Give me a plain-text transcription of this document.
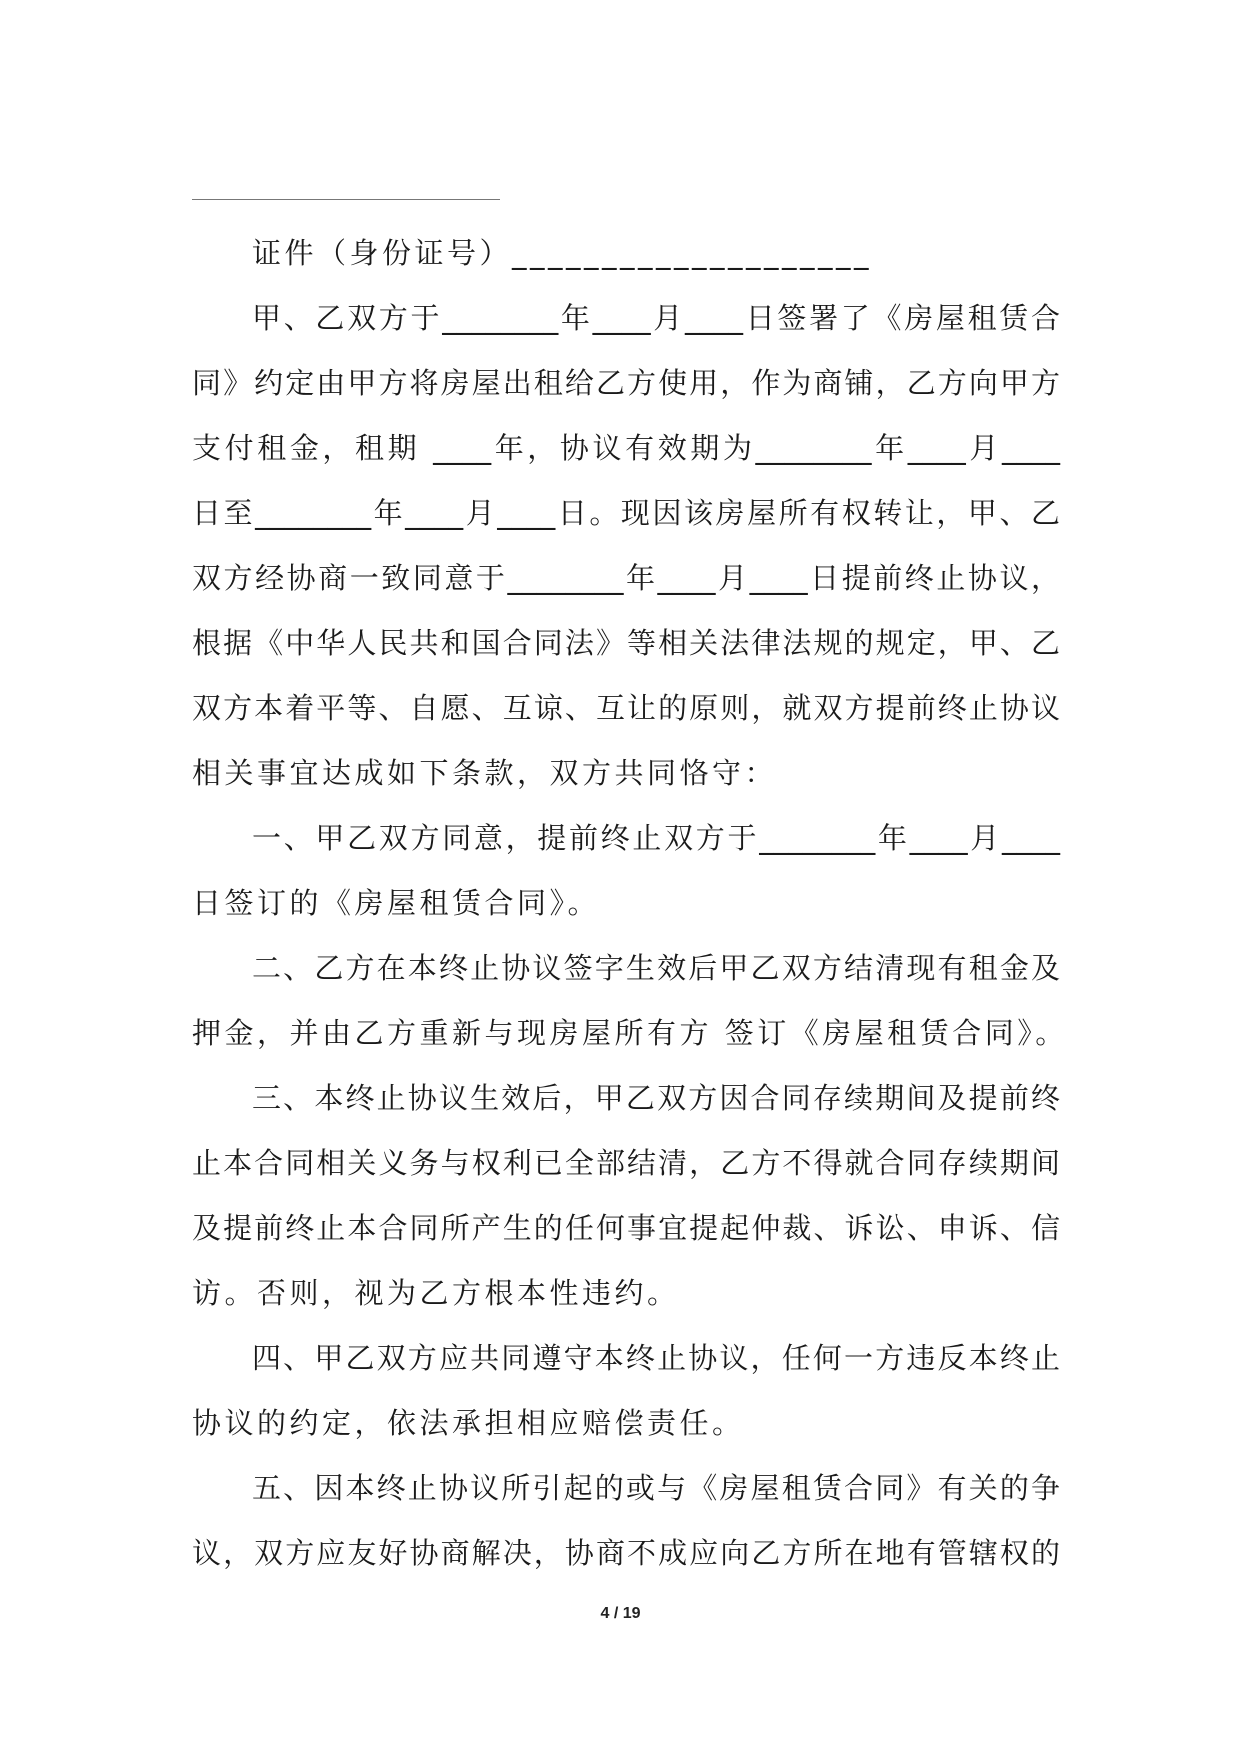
证件（身份证号）____________________
甲、乙双方于________年____月____日签署了《房屋租赁合
同》约定由甲方将房屋出租给乙方使用，作为商铺，乙方向甲方
支付租金，租期 ____年，协议有效期为________年____月____
日至________年____月____日。现因该房屋所有权转让，甲、乙
双方经协商一致同意于________年____月____日提前终止协议，
根据《中华人民共和国合同法》等相关法律法规的规定，甲、乙
双方本着平等、自愿、互谅、互让的原则，就双方提前终止协议
相关事宜达成如下条款，双方共同恪守：
一、甲乙双方同意，提前终止双方于________年____月____
日签订的《房屋租赁合同》。
二、乙方在本终止协议签字生效后甲乙双方结清现有租金及
押金，并由乙方重新与现房屋所有方 签订《房屋租赁合同》。
三、本终止协议生效后，甲乙双方因合同存续期间及提前终
止本合同相关义务与权利已全部结清，乙方不得就合同存续期间
及提前终止本合同所产生的任何事宜提起仲裁、诉讼、申诉、信
访。否则，视为乙方根本性违约。
四、甲乙双方应共同遵守本终止协议，任何一方违反本终止
协议的约定，依法承担相应赔偿责任。
五、因本终止协议所引起的或与《房屋租赁合同》有关的争
议，双方应友好协商解决，协商不成应向乙方所在地有管辖权的
4 / 19
